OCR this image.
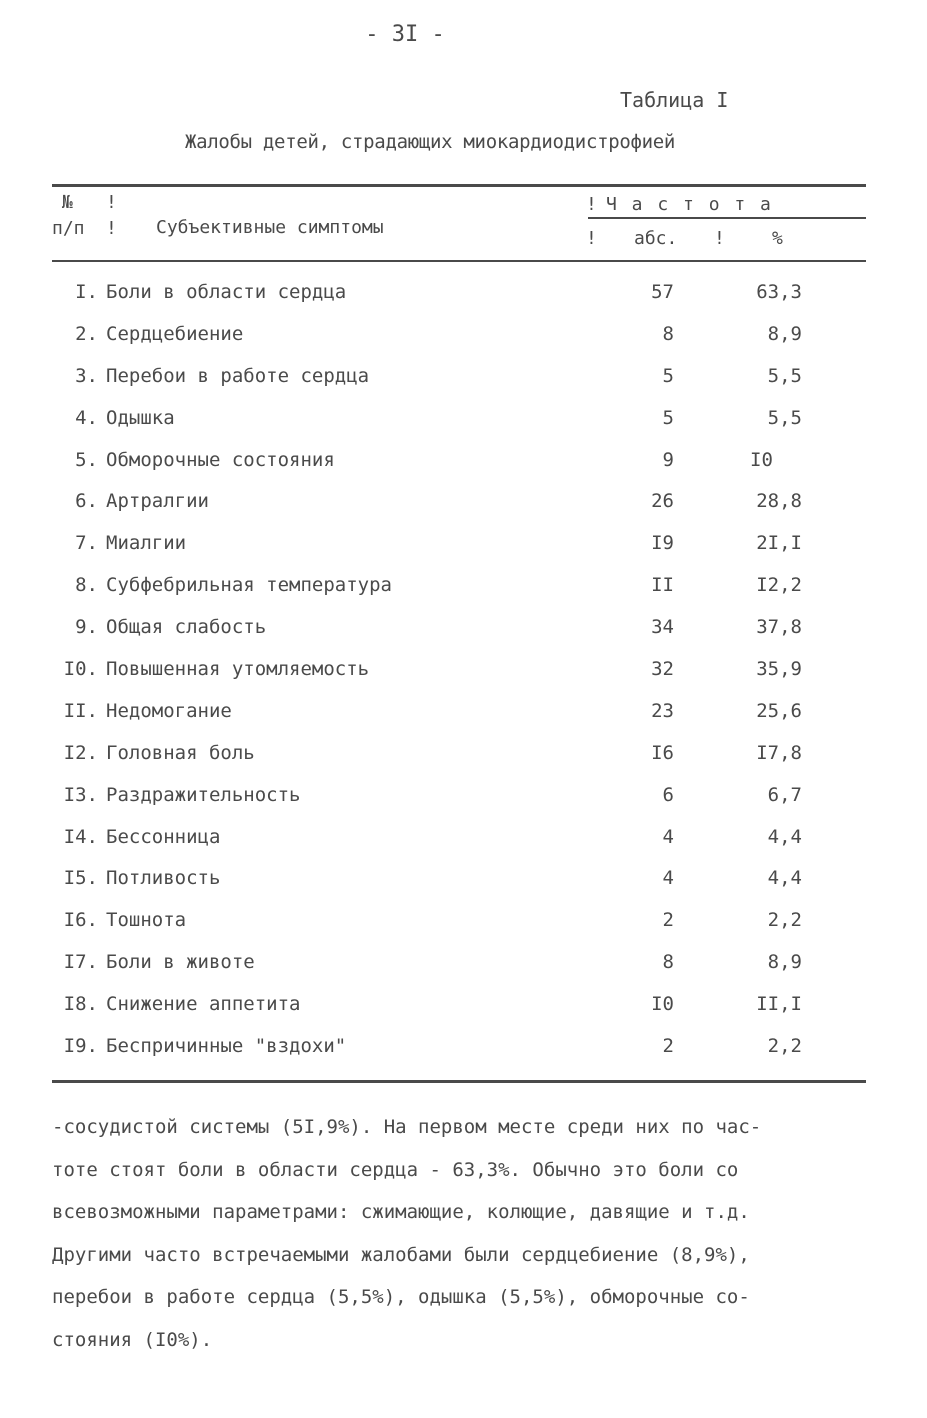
- 3I -
Таблица I
Жалобы детей, страдающих миокардиодистрофией
№
п/п
!
! Субъективные симптомы
! Ч а с т о т а
! абс. !	%
I. Боли в области сердца	57	63,3
2. Сердцебиение	8	8,9
3. Перебои в работе сердца	5	5,5
4. Одышка	5	5,5
5. Обморочные состояния	9	I0
6. Артралгии	26	28,8
7. Миалгии	I9	2I,I
8. Субфебрильная температура	II	I2,2
9. Общая слабость	34	37,8
I0. Повышенная утомляемость	32	35,9
II. Недомогание	23	25,6
I2. Головная боль	I6	I7,8
I3. Раздражительность	6	6,7
I4. Бессонница	4	4,4
I5. Потливость	4	4,4
I6. Тошнота	2	2,2
I7. Боли в животе	8	8,9
I8. Снижение аппетита	I0	II,I
I9. Беспричинные "вздохи"	2	2,2
-сосудистой системы (5I,9%). На первом месте среди них по час-
тоте стоят боли в области сердца - 63,3%. Обычно это боли со
всевозможными параметрами: сжимающие, колющие, давящие и т.д.
Другими часто встречаемыми жалобами были сердцебиение (8,9%),
перебои в работе сердца (5,5%), одышка (5,5%), обморочные со-
стояния (I0%).
